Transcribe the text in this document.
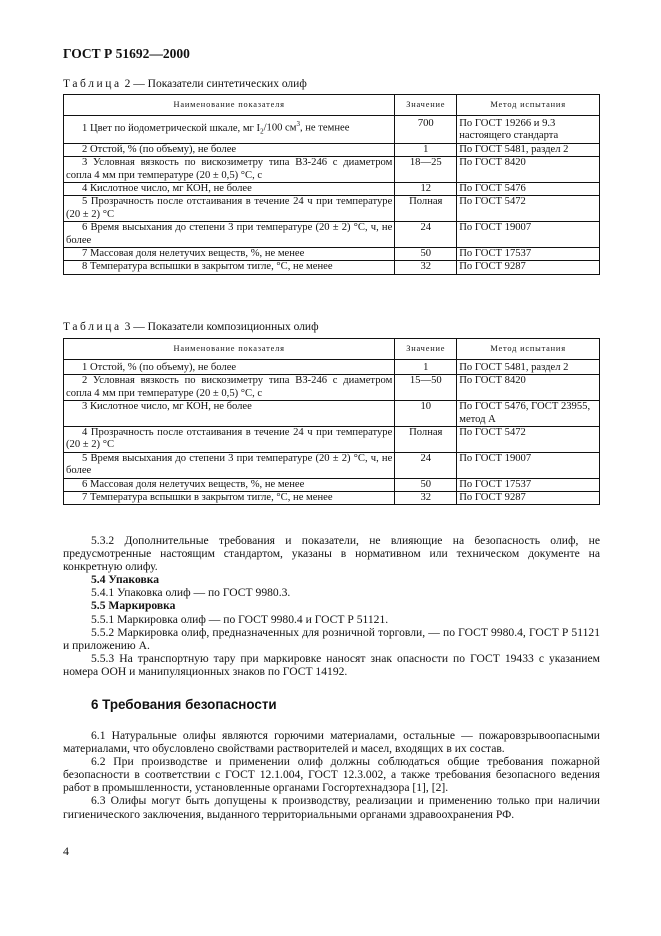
ГОСТ Р 51692—2000
Таблица 2 — Показатели синтетических олиф
Наименование показателя	Значение	Метод испытания
1 Цвет по йодометрической шкале, мг $I_2/100$ $см^3$, не темнее	700	По ГОСТ 19266 и 9.3 настоящего стандарта
2 Отстой, % (по объему), не более	1	По ГОСТ 5481, раздел 2
3 Условная вязкость по вискозиметру типа ВЗ-246 с диаметром сопла 4 мм при температуре (20 ± 0,5) °С, с	18—25	По ГОСТ 8420
4 Кислотное число, мг КОН, не более	12	По ГОСТ 5476
5 Прозрачность после отстаивания в течение 24 ч при температуре (20 ± 2) °С	Полная	По ГОСТ 5472
6 Время высыхания до степени 3 при температуре (20 ± 2) °С, ч, не более	24	По ГОСТ 19007
7 Массовая доля нелетучих веществ, %, не менее	50	По ГОСТ 17537
8 Температура вспышки в закрытом тигле, °С, не менее	32	По ГОСТ 9287
Таблица 3 — Показатели композиционных олиф
Наименование показателя	Значение	Метод испытания
1 Отстой, % (по объему), не более	1	По ГОСТ 5481, раздел 2
2 Условная вязкость по вискозиметру типа ВЗ-246 с диаметром сопла 4 мм при температуре (20 ± 0,5) °С, с	15—50	По ГОСТ 8420
3 Кислотное число, мг КОН, не более	10	По ГОСТ 5476, ГОСТ 23955, метод А
4 Прозрачность после отстаивания в течение 24 ч при температуре (20 ± 2) °С	Полная	По ГОСТ 5472
5 Время высыхания до степени 3 при температуре (20 ± 2) °С, ч, не более	24	По ГОСТ 19007
6 Массовая доля нелетучих веществ, %, не менее	50	По ГОСТ 17537
7 Температура вспышки в закрытом тигле, °С, не менее	32	По ГОСТ 9287

5.3.2 Дополнительные требования и показатели, не влияющие на безопасность олиф, не предусмотренные настоящим стандартом, указаны в нормативном или техническом документе на конкретную олифу.

5.4 Упаковка

5.4.1 Упаковка олиф — по ГОСТ 9980.3.

5.5 Маркировка

5.5.1 Маркировка олиф — по ГОСТ 9980.4 и ГОСТ Р 51121.

5.5.2 Маркировка олиф, предназначенных для розничной торговли, — по ГОСТ 9980.4, ГОСТ Р 51121 и приложению А.

5.5.3 На транспортную тару при маркировке наносят знак опасности по ГОСТ 19433 с указанием номера ООН и манипуляционных знаков по ГОСТ 14192.

6 Требования безопасности

6.1 Натуральные олифы являются горючими материалами, остальные — пожаровзрывоопасными материалами, что обусловлено свойствами растворителей и масел, входящих в их состав.

6.2 При производстве и применении олиф должны соблюдаться общие требования пожарной безопасности в соответствии с ГОСТ 12.1.004, ГОСТ 12.3.002, а также требования безопасного ведения работ в промышленности, установленные органами Госгортехнадзора [1], [2].

6.3 Олифы могут быть допущены к производству, реализации и применению только при наличии гигиенического заключения, выданного территориальными органами здравоохранения РФ.

4
